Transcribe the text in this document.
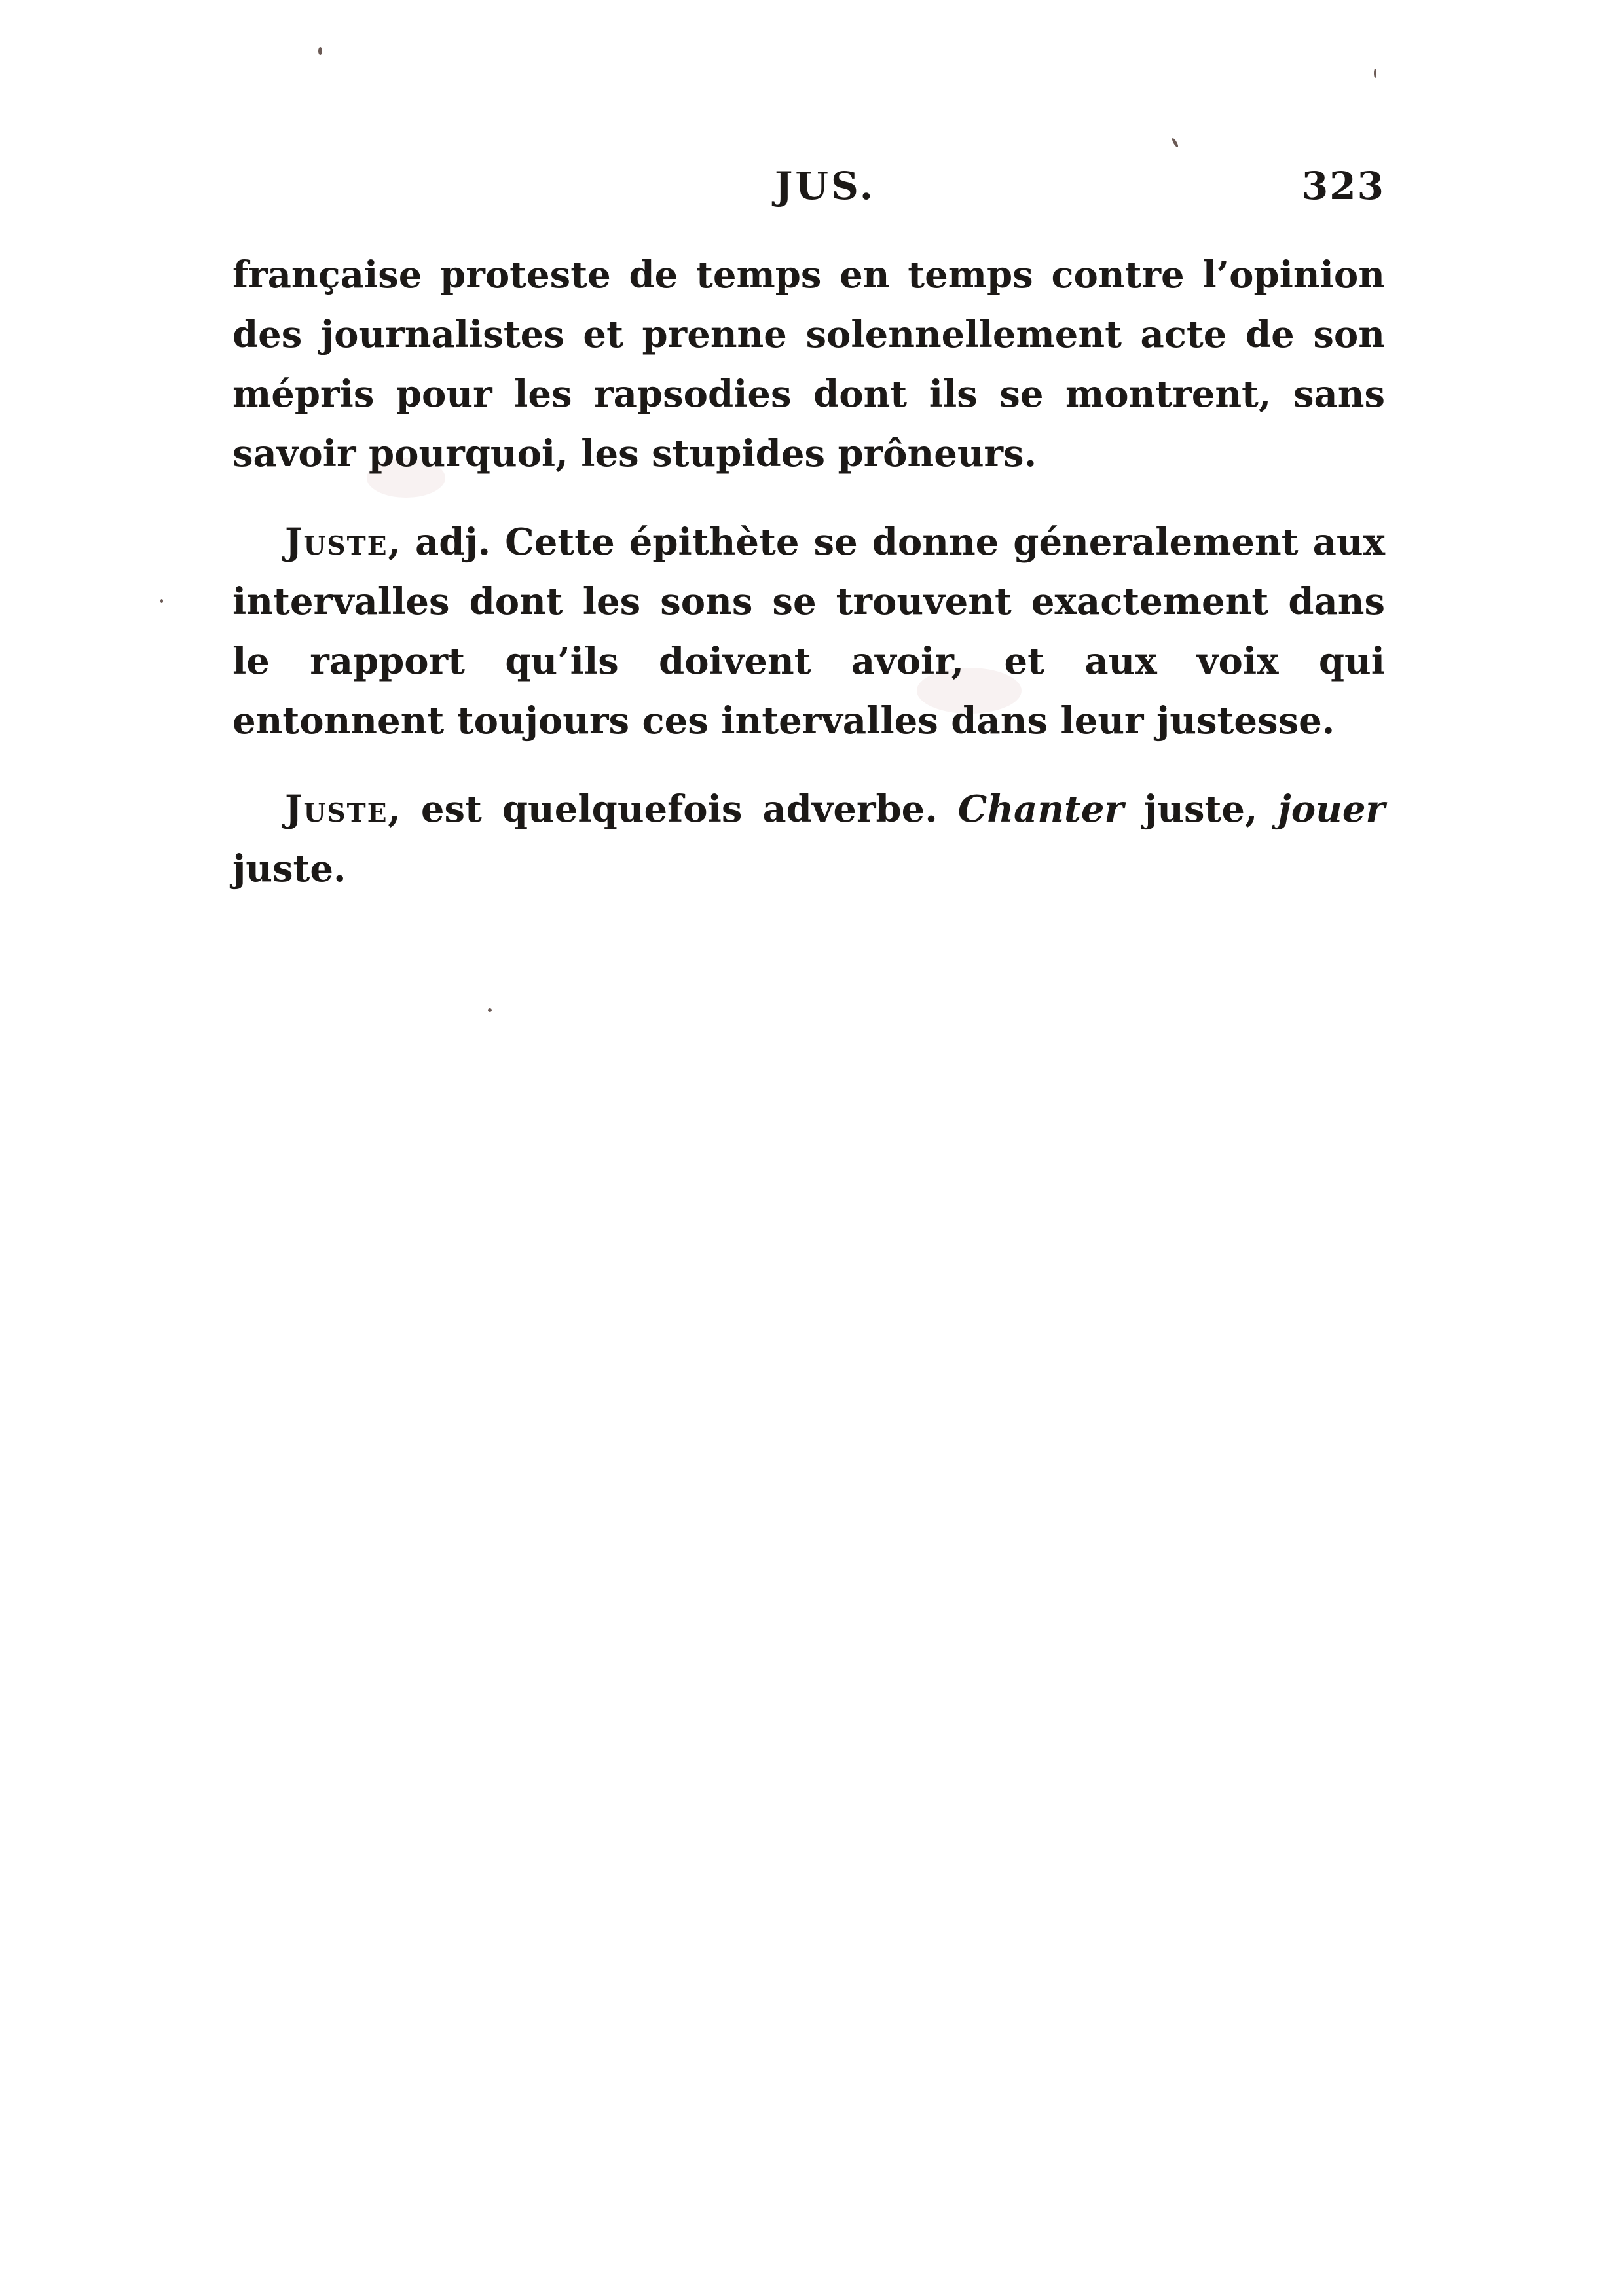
JUS.	323

française proteste de temps en temps contre l’opinion des journalistes et prenne solennellement acte de son mépris pour les rapsodies dont ils se montrent, sans savoir pourquoi, les stupides prôneurs.

Juste, adj. Cette épithète se donne géneralement aux intervalles dont les sons se trouvent exactement dans le rapport qu’ils doivent avoir, et aux voix qui entonnent toujours ces intervalles dans leur justesse.

Juste, est quelquefois adverbe. Chanter juste, jouer juste.
